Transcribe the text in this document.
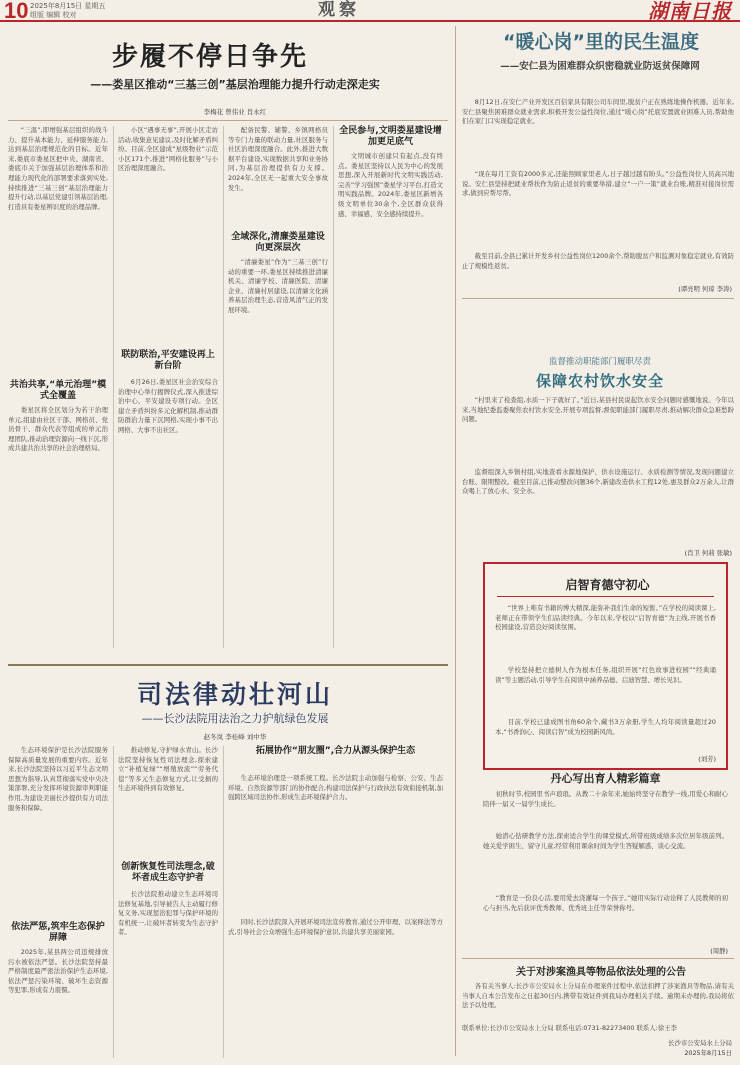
10 2025年8月15日 星期五
组版 编辑 校对	观察	湖南日报
步履不停日争先
——娄星区推动“三基三创”基层治理能力提升行动走深走实
李梅花 曾伟业 肖永红

“三温”,即增强基层组织的战斗力、提升基本能力、延伸服务能力,达到基层治理规范化的目标。近年来,娄底市娄星区把中央、湖南省、娄底市关于加强基层治理体系和治理能力现代化的部署要求落到实处,持续推进“三基三创”基层治理能力提升行动,以基层党建引领基层治理,打造具有娄星辨识度的治理品牌。

共治共享,“单元治理”模式全覆盖

娄星区将全区划分为若干治理单元,组建由社区干部、网格员、党员骨干、群众代表等组成的单元治理团队,推动治理资源向一线下沉,形成共建共治共享的社会治理格局。

小区“遇事无事”,开展小区走访活动,收集意见建议,及时化解矛盾纠纷。目前,全区建成“星级物业”示范小区171个,推进“网格化服务”与小区治理深度融合。

联防联治,平安建设再上新台阶

6月26日,娄星区社会治安综合治理中心举行揭牌仪式,深入推进综治中心、平安建设专项行动。全区建立矛盾纠纷多元化解机制,推动群防群治力量下沉网格,实现小事不出网格、大事不出社区。

配备民警、辅警、乡镇网格员等专门力量的联动力量,社区服务与社区治理深度融合。此外,推进大数据平台建设,实现数据共享和业务协同,为基层治理提供有力支撑。2024年,全区无一起重大安全事故发生。

全域深化,清廉娄星建设向更深层次

“清廉娄星”作为“三基三创”行动的重要一环,娄星区持续推进清廉机关、清廉学校、清廉医院、清廉企业、清廉村居建设,以清廉文化涵养基层治理生态,营造风清气正的发展环境。

全民参与,文明娄星建设增加更足底气

文明城市创建只有起点,没有终点。娄星区坚持以人民为中心的发展思想,深入开展新时代文明实践活动,完善“学习强国”娄星学习平台,打造文明实践品牌。2024年,娄星区新增各级文明单位30余个,全区群众获得感、幸福感、安全感持续提升。

“暖心岗”里的民生温度
——安仁县为困难群众织密稳就业防返贫保障网

8月12日,在安仁产业开发区百信家具有限公司车间里,脱贫户正在熟练地操作机器。近年来,安仁县聚焦困难群众就业需求,积极开发公益性岗位,通过“暖心岗”托底安置就业困难人员,帮助他们在家门口实现稳定就业。

“现在每月工资有2000多元,还能照顾家里老人,日子越过越有盼头。”公益性岗位人员高兴地说。安仁县坚持把就业帮扶作为防止返贫的重要举措,建立“一户一策”就业台账,精准对接岗位需求,做到应帮尽帮。

截至目前,全县已累计开发乡村公益性岗位1200余个,帮助脱贫户和监测对象稳定就业,有效防止了规模性返贫。

(谭亮明 何琼 李涛)
监督推动职能部门履职尽责
保障农村饮水安全

“村里来了检查组,水质一下子就好了。”近日,某县村民说起饮水安全问题时感慨地说。今年以来,当地纪委监委聚焦农村饮水安全,开展专项监督,督促职能部门履职尽责,推动解决群众急难愁盼问题。

监督组深入乡镇村组,实地查看水源地保护、供水设施运行、水质检测等情况,发现问题建立台账、限期整改。截至目前,已推动整改问题36个,新建改造供水工程12处,惠及群众2万余人,让群众喝上了放心水、安全水。

(肖卫 何莉 张敏)
启智育德守初心

“世界上唯有书籍的博大精深,能弥补我们生命的短暂。”在学校的阅读课上,老师正在带领学生们品读经典。今年以来,学校以“启智育德”为主线,开展书香校园建设,营造良好阅读氛围。

学校坚持把立德树人作为根本任务,组织开展“红色故事进校园”“经典诵读”等主题活动,引导学生在阅读中涵养品德、启迪智慧、增长见识。

目前,学校已建成图书角60余个,藏书3万余册,学生人均年阅读量超过20本,“书香润心、阅读启智”成为校园新风尚。

(刘芳)
丹心写出育人精彩篇章

初秋时节,校园里书声琅琅。从教二十余年来,她始终坚守在教学一线,用爱心和耐心陪伴一届又一届学生成长。

她潜心钻研教学方法,探索适合学生的课堂模式,所带班级成绩多次位居年级前列。她关爱学困生、留守儿童,经常利用课余时间为学生答疑解惑、谈心交流。

“教育是一份良心活,要用爱去浇灌每一个孩子。”她用实际行动诠释了人民教师的初心与担当,先后获评优秀教师、优秀班主任等荣誉称号。

(周静)
关于对涉案渔具等物品依法处理的公告

各有关当事人:长沙市公安局水上分局在办理案件过程中,依法扣押了涉案渔具等物品,请有关当事人自本公告发布之日起30日内,携带有效证件到我局办理相关手续。逾期未办理的,我局将依法予以处理。

联系单位:长沙市公安局水上分局 联系电话:0731-82273400 联系人:徐王李
长沙市公安局水上分局
2025年8月15日
司法律动壮河山
——长沙法院用法治之力护航绿色发展
赵冬岚 李桂峰 刘中华

生态环境保护是长沙法院服务保障高质量发展的重要内容。近年来,长沙法院坚持以习近平生态文明思想为指导,认真贯彻落实党中央决策部署,充分发挥环境资源审判职能作用,为建设美丽长沙提供有力司法服务和保障。

依法严惩,筑牢生态保护屏障

2025年,某县两公司违规排放污水被依法严惩。长沙法院坚持最严格制度最严密法治保护生态环境,依法严惩污染环境、破坏生态资源等犯罪,形成有力震慑。

推动修复,守护绿水青山。长沙法院坚持恢复性司法理念,探索建立“补植复绿”“增殖放流”“劳务代偿”等多元生态修复方式,让受损的生态环境得到有效修复。

创新恢复性司法理念,破坏者成生态守护者

长沙法院推动建立生态环境司法修复基地,引导被告人主动履行修复义务,实现惩治犯罪与保护环境的有机统一,让破坏者转变为生态守护者。

拓展协作“朋友圈”,合力从源头保护生态

生态环境治理是一项系统工程。长沙法院主动加强与检察、公安、生态环境、自然资源等部门的协作配合,构建司法保护与行政执法有效衔接机制,加强跨区域司法协作,形成生态环境保护合力。

同时,长沙法院深入开展环境司法宣传教育,通过公开审理、以案释法等方式,引导社会公众增强生态环境保护意识,共建共享美丽家园。
